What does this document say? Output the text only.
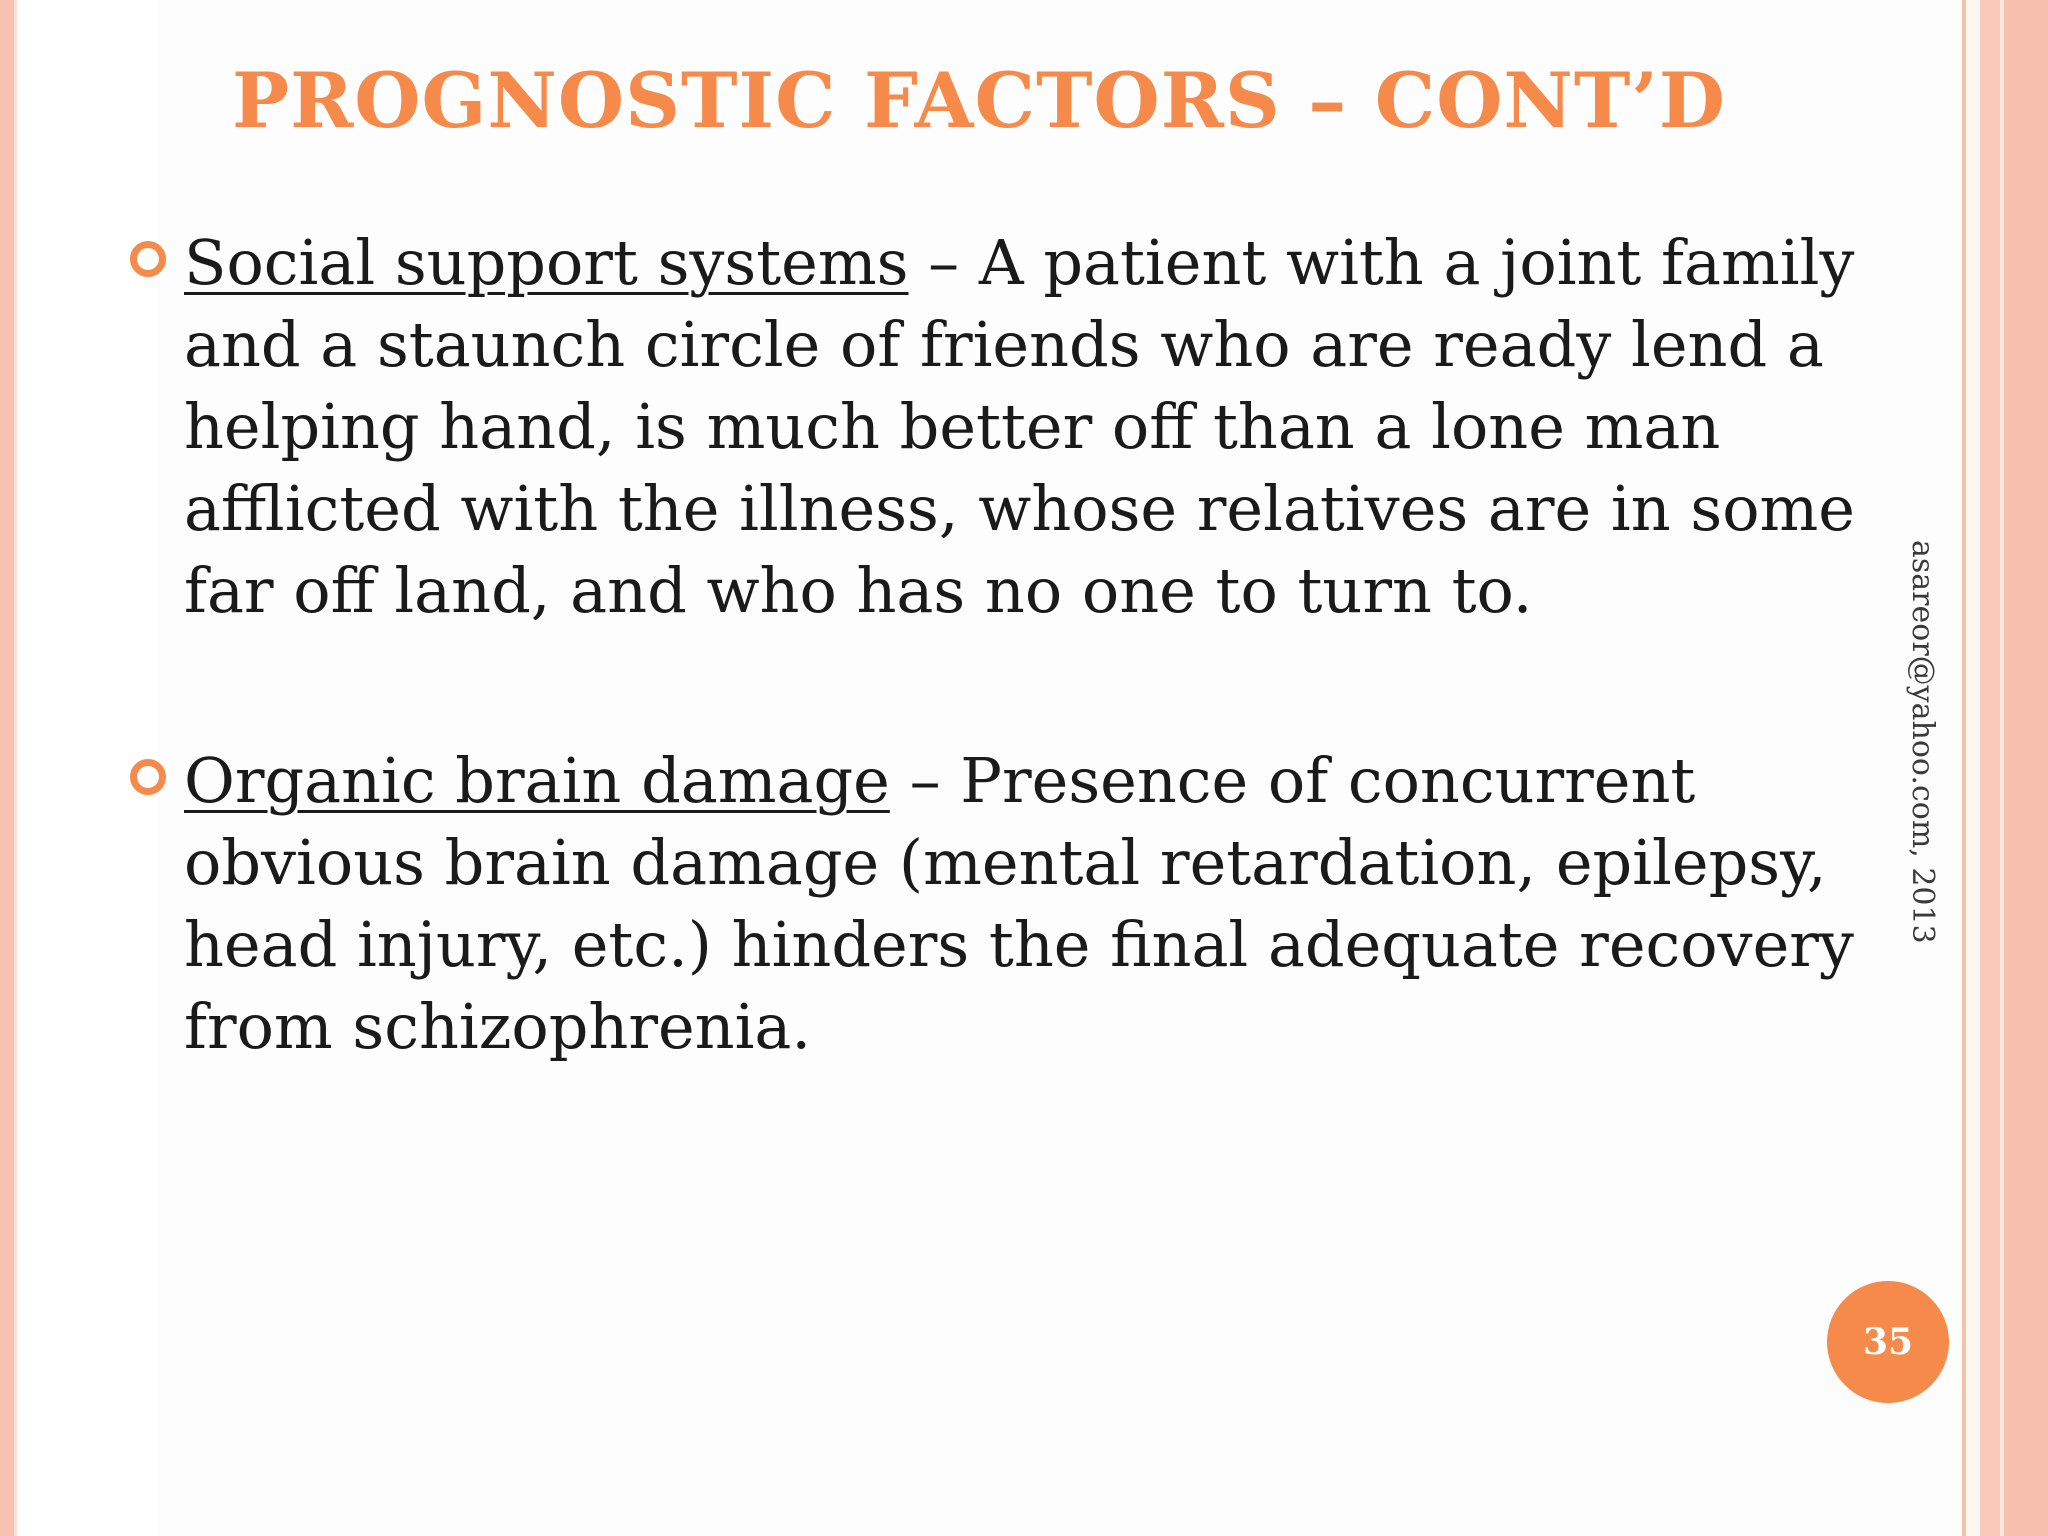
PROGNOSTIC FACTORS – CONT’D
Social support systems – A patient with a joint family and a staunch circle of friends who are ready lend a helping hand, is much better off than a lone man afflicted with the illness, whose relatives are in some far off land, and who has no one to turn to.
Organic brain damage – Presence of concurrent obvious brain damage (mental retardation, epilepsy, head injury, etc.) hinders the final adequate recovery from schizophrenia.
asareor@yahoo.com, 2013
35
